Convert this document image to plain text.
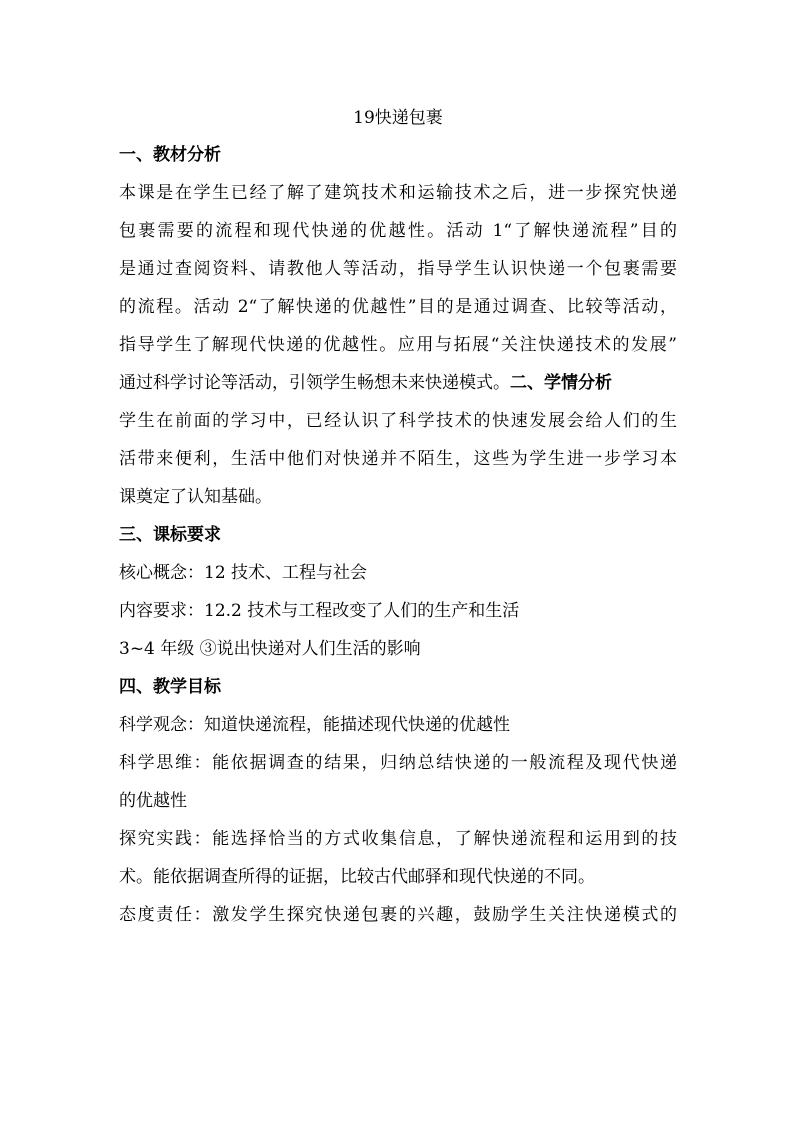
19快递包裹
一、教材分析
本课是在学生已经了解了建筑技术和运输技术之后，进一步探究快递
包裹需要的流程和现代快递的优越性。活动 1“了解快递流程”目的
是通过查阅资料、请教他人等活动，指导学生认识快递一个包裹需要
的流程。活动 2“了解快递的优越性”目的是通过调查、比较等活动，
指导学生了解现代快递的优越性。应用与拓展“关注快递技术的发展”
通过科学讨论等活动，引领学生畅想未来快递模式。二、学情分析
学生在前面的学习中，已经认识了科学技术的快速发展会给人们的生
活带来便利，生活中他们对快递并不陌生，这些为学生进一步学习本
课奠定了认知基础。
三、课标要求
核心概念：12 技术、工程与社会
内容要求：12.2 技术与工程改变了人们的生产和生活
3~4 年级 ③说出快递对人们生活的影响
四、教学目标
科学观念：知道快递流程，能描述现代快递的优越性
科学思维：能依据调查的结果，归纳总结快递的一般流程及现代快递
的优越性
探究实践：能选择恰当的方式收集信息，了解快递流程和运用到的技
术。能依据调查所得的证据，比较古代邮驿和现代快递的不同。
态度责任：激发学生探究快递包裹的兴趣，鼓励学生关注快递模式的
